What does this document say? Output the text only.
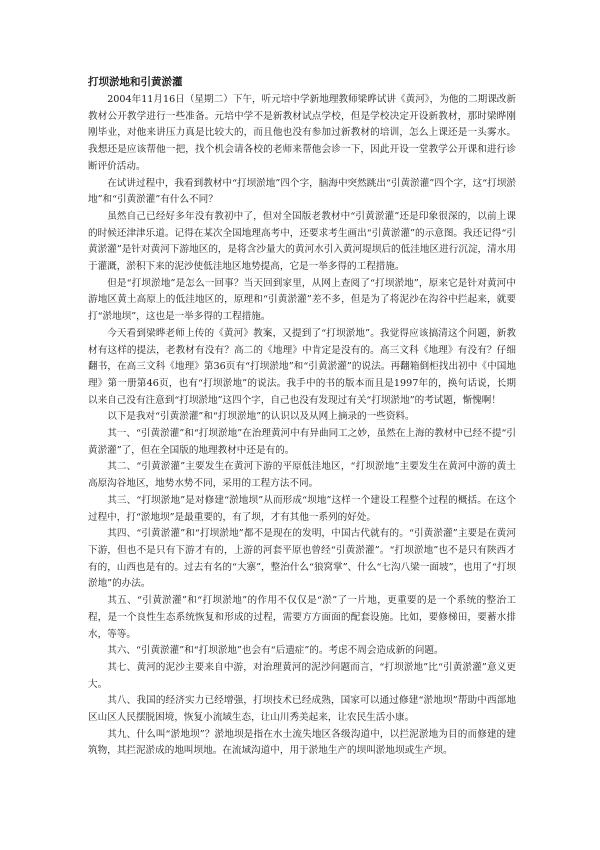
打坝淤地和引黄淤灌

2004年11月16日（星期二）下午，听元培中学新地理教师梁晔试讲《黄河》，为他的二期课改新教材公开教学进行一些准备。元培中学不是新教材试点学校，但是学校决定开设新教材，那时梁晔刚刚毕业，对他来讲压力真是比较大的，而且他也没有参加过新教材的培训，怎么上课还是一头雾水。我想还是应该帮他一把，找个机会请各校的老师来帮他会诊一下，因此开设一堂教学公开课和进行诊断评价活动。

在试讲过程中，我看到教材中“打坝淤地”四个字，脑海中突然跳出“引黄淤灌”四个字，这“打坝淤地”和“引黄淤灌”有什么不同？

虽然自己已经好多年没有教初中了，但对全国版老教材中“引黄淤灌”还是印象很深的，以前上课的时候还津津乐道。记得在某次全国地理高考中，还要求考生画出“引黄淤灌”的示意图。我还记得“引黄淤灌”是针对黄河下游地区的，是将含沙量大的黄河水引入黄河堤坝后的低洼地区进行沉淀，清水用于灌溉，淤积下来的泥沙使低洼地区地势提高，它是一举多得的工程措施。

但是“打坝淤地”是怎么一回事？当天回到家里，从网上查阅了“打坝淤地”，原来它是针对黄河中游地区黄土高原上的低洼地区的，原理和“引黄淤灌”差不多，但是为了将泥沙在沟谷中拦起来，就要打“淤地坝”，这也是一举多得的工程措施。

今天看到梁晔老师上传的《黄河》教案，又提到了“打坝淤地”。我觉得应该搞清这个问题，新教材有这样的提法，老教材有没有？高二的《地理》中肯定是没有的。高三文科《地理》有没有？仔细翻书，在高三文科《地理》第36页有“打坝淤地”和“引黄淤灌”的说法。再翻箱倒柜找出初中《中国地理》第一册第46页，也有“打坝淤地”的说法。我手中的书的版本而且是1997年的，换句话说，长期以来自己没有注意到“打坝淤地”这四个字，自己也没有发现过有关“打坝淤地”的考试题，惭愧啊！

以下是我对“引黄淤灌”和“打坝淤地”的认识以及从网上摘录的一些资料。

其一、“引黄淤灌”和“打坝淤地”在治理黄河中有异曲同工之妙，虽然在上海的教材中已经不提“引黄淤灌”了，但在全国版的地理教材中还是有的。

其二、“引黄淤灌”主要发生在黄河下游的平原低洼地区，“打坝淤地”主要发生在黄河中游的黄土高原沟谷地区，地势水势不同，采用的工程方法不同。

其三、“打坝淤地”是对修建“淤地坝”从而形成“坝地”这样一个建设工程整个过程的概括。在这个过程中，打“淤地坝”是最重要的，有了坝，才有其他一系列的好处。

其四、“引黄淤灌”和“打坝淤地”都不是现在的发明，中国古代就有的。“引黄淤灌”主要是在黄河下游，但也不是只有下游才有的，上游的河套平原也曾经“引黄淤灌”。“打坝淤地”也不是只有陕西才有的，山西也是有的。过去有名的“大寨”，整治什么“狼窝掌”、什么“七沟八梁一面坡”，也用了“打坝淤地”的办法。

其五、“引黄淤灌”和“打坝淤地”的作用不仅仅是“淤”了一片地，更重要的是一个系统的整治工程，是一个良性生态系统恢复和形成的过程，需要方方面面的配套设施。比如，要修梯田，要蓄水排水，等等。

其六、“引黄淤灌”和“打坝淤地”也会有“后遗症”的。考虑不周会造成新的问题。

其七、黄河的泥沙主要来自中游，对治理黄河的泥沙问题而言，“打坝淤地”比“引黄淤灌”意义更大。

其八、我国的经济实力已经增强，打坝技术已经成熟，国家可以通过修建“淤地坝”帮助中西部地区山区人民摆脱困境，恢复小流域生态，让山川秀美起来，让农民生活小康。

其九、什么叫“淤地坝”？淤地坝是指在水土流失地区各级沟道中，以拦泥淤地为目的而修建的建筑物，其拦泥淤成的地叫坝地。在流域沟道中，用于淤地生产的坝叫淤地坝或生产坝。
